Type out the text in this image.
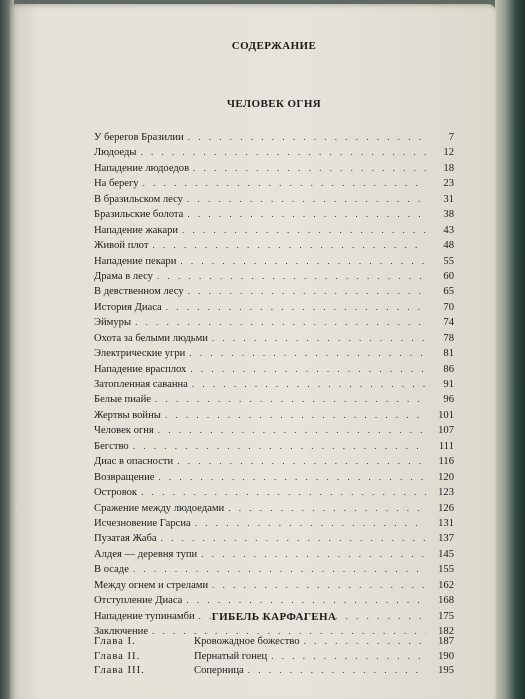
СОДЕРЖАНИЕ
ЧЕЛОВЕК ОГНЯ
У берегов Бразилии . . .	7
Людоеды . . .	12
Нападение людоедов . . .	18
На берегу . . .	23
В бразильском лесу . . .	31
Бразильские болота . . .	38
Нападение жакари . . .	43
Живой плот . . .	48
Нападение пекари . . .	55
Драма в лесу . . .	60
В девственном лесу . . .	65
История Диаса . . .	70
Эймуры . . .	74
Охота за белыми людьми . . .	78
Электрические угри . . .	81
Нападение врасплох . . .	86
Затопленная саванна . . .	91
Белые пиайе . . .	96
Жертвы войны . . .	101
Человек огня . . .	107
Бегство . . .	111
Диас в опасности . . .	116
Возвращение . . .	120
Островок . . .	123
Сражение между людоедами . . .	126
Исчезновение Гарсиа . . .	131
Пузатая Жаба . . .	137
Алдея — деревня тупи . . .	145
В осаде . . .	155
Между огнем и стрелами . . .	162
Отступление Диаса . . .	168
Нападение тупинамби . . .	175
Заключение . . .	182
ГИБЕЛЬ КАРФАГЕНА
Глава I.	Кровожадное божество . . .	187
Глава II.	Пернатый гонец . . .	190
Глава III.	Соперница . . .	195
